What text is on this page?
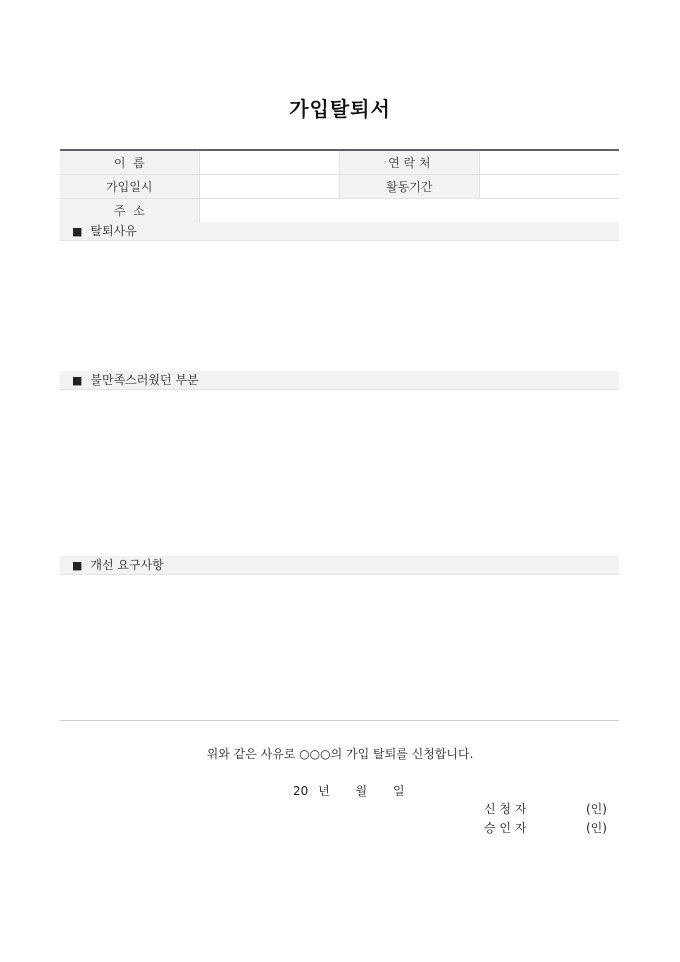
가입탈퇴서
이  름		연 락 처	
가입일시		활동기간	
주  소			
■ 탈퇴사유
■ 불만족스러웠던 부분
■ 개선 요구사항
위와 같은 사유로 ○○○의 가입 탈퇴를 신청합니다.
20 년 월 일
신 청 자	(인)
승 인 자	(인)
